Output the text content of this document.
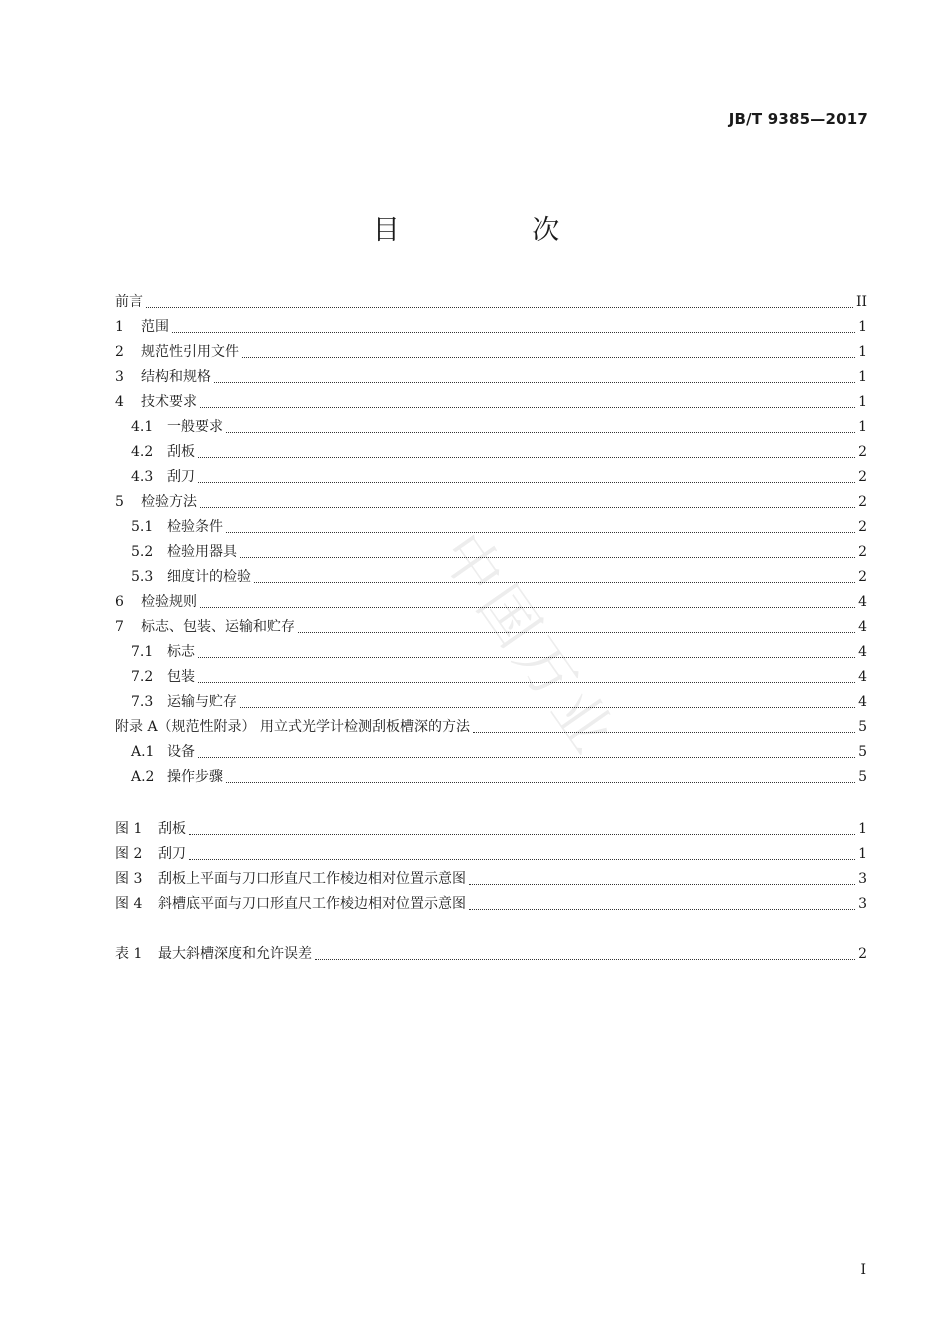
JB/T 9385—2017
目 次
前言	II
1	范围	1
2	规范性引用文件	1
3	结构和规格	1
4	技术要求	1
4.1 一般要求	1
4.2 刮板	2
4.3 刮刀	2
5	检验方法	2
5.1 检验条件	2
5.2 检验用器具	2
5.3 细度计的检验	2
6	检验规则	4
7	标志、包装、运输和贮存	4
7.1 标志	4
7.2 包装	4
7.3 运输与贮存	4
附录 A（规范性附录） 用立式光学计检测刮板槽深的方法	5
A.1 设备	5
A.2 操作步骤	5
图 1	刮板	1
图 2	刮刀	1
图 3	刮板上平面与刀口形直尺工作棱边相对位置示意图	3
图 4	斜槽底平面与刀口形直尺工作棱边相对位置示意图	3
表 1	最大斜槽深度和允许误差	2
中国万业
I
